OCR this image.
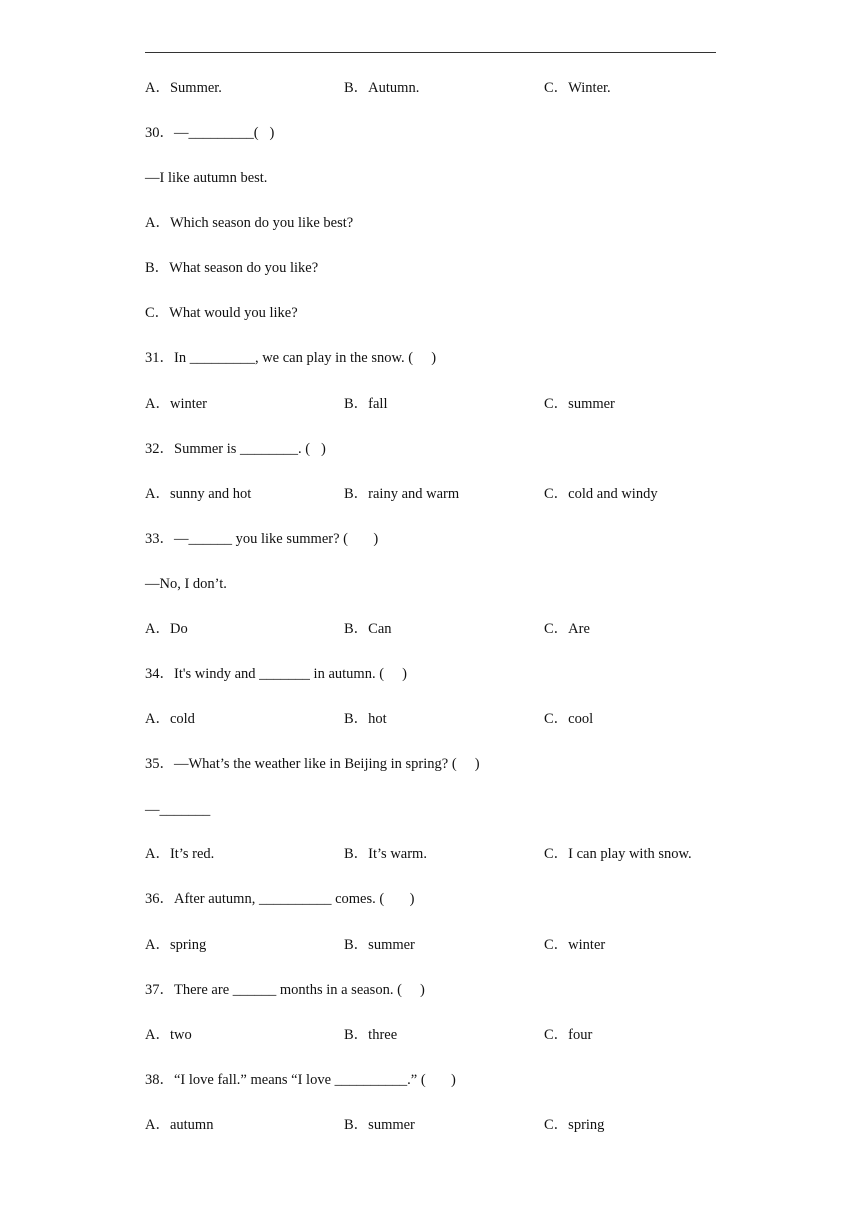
A．Summer.	B．Autumn.	C．Winter.
30．—_________(   )
—I like autumn best.
A．Which season do you like best?
B．What season do you like?
C．What would you like?
31．In _________, we can play in the snow. (     )
A．winter	B．fall	C．summer
32．Summer is ________. (   )
A．sunny and hot	B．rainy and warm	C．cold and windy
33．—______ you like summer? (       )
—No, I don’t.
A．Do	B．Can	C．Are
34．It's windy and _______ in autumn. (     )
A．cold	B．hot	C．cool
35．—What’s the weather like in Beijing in spring? (     )
—_______
A．It’s red.	B．It’s warm.	C．I can play with snow.
36．After autumn, __________ comes. (       )
A．spring	B．summer	C．winter
37．There are ______ months in a season. (     )
A．two	B．three	C．four
38．“I love fall.” means “I love __________.” (       )
A．autumn	B．summer	C．spring
